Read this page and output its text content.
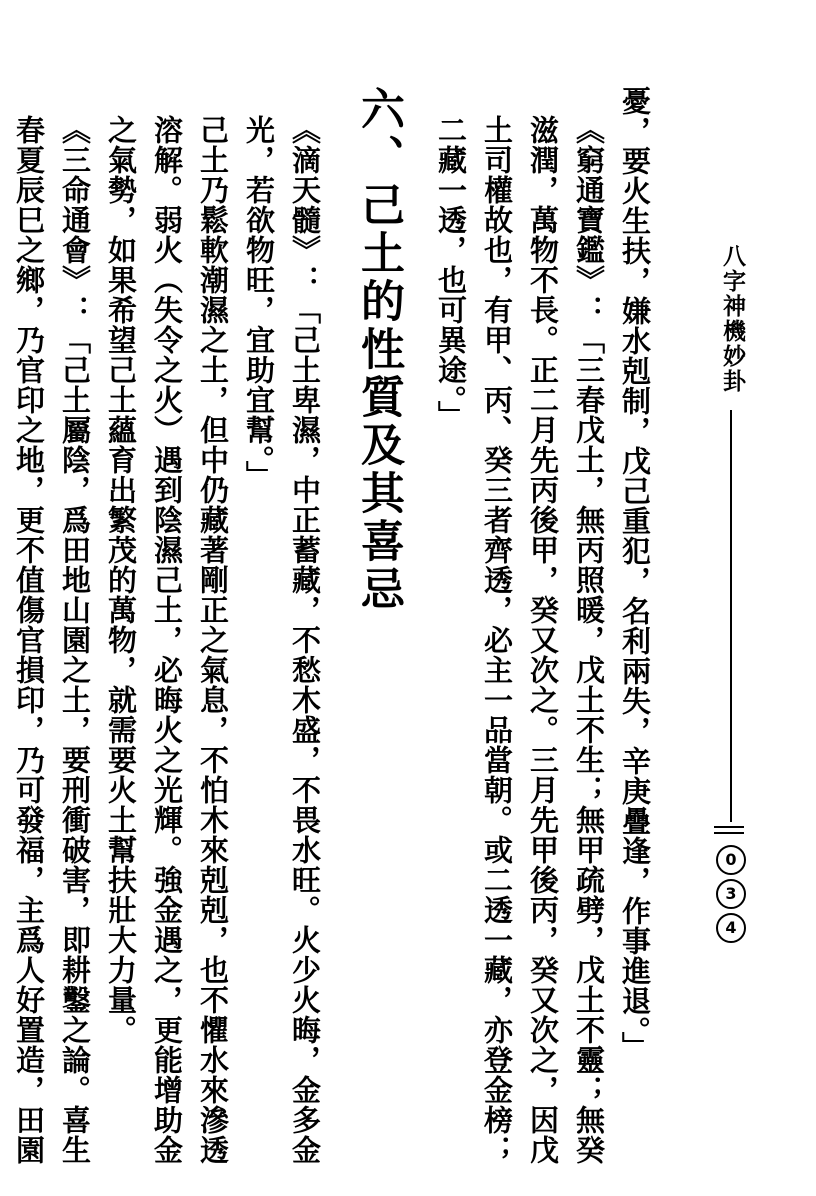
八字神機妙卦
0
3
4

憂，要火生扶，嫌水剋制，戊己重犯，名利兩失，辛庚疊逢，作事進退。」

《窮通寶鑑》：「三春戊土，無丙照暖，戊土不生；無甲疏劈，戊土不靈；無癸滋潤，萬物不長。正二月先丙後甲，癸又次之。三月先甲後丙，癸又次之，因戊土司權故也，有甲、丙、癸三者齊透，必主一品當朝。或二透一藏，亦登金榜；二藏一透，也可異途。」

六、己土的性質及其喜忌

《滴天髓》：「己土卑濕，中正蓄藏，不愁木盛，不畏水旺。火少火晦，金多金光，若欲物旺，宜助宜幫。」

己土乃鬆軟潮濕之土，但中仍藏著剛正之氣息，不怕木來剋剋，也不懼水來滲透溶解。弱火（失令之火）遇到陰濕己土，必晦火之光輝。強金遇之，更能增助金之氣勢，如果希望己土蘊育出繁茂的萬物，就需要火土幫扶壯大力量。

《三命通會》：「己土屬陰，爲田地山園之土，要刑衝破害，即耕鑿之論。喜生春夏辰巳之鄉，乃官印之地，更不值傷官損印，乃可發福，主爲人好置造，田園
